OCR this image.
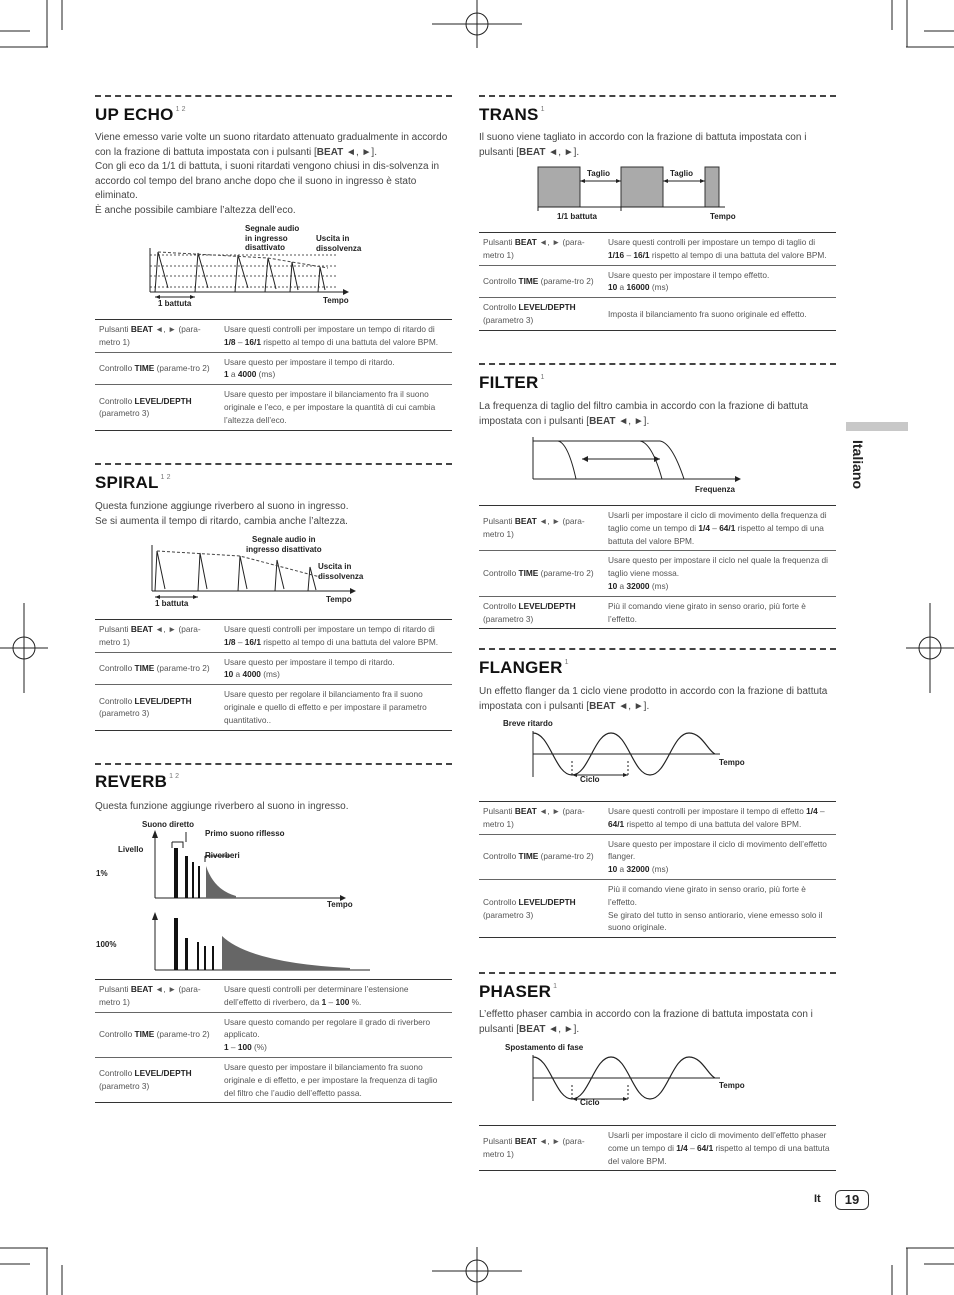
Italiano
UP ECHO $^1$ $^2$
Viene emesso varie volte un suono ritardato attenuato gradualmente in accordo con la frazione di battuta impostata con i pulsanti [BEAT ◄, ►].
Con gli eco da 1/1 di battuta, i suoni ritardati vengono chiusi in dis-solvenza in accordo col tempo del brano anche dopo che il suono in ingresso è stato eliminato.
È anche possibile cambiare l’altezza dell’eco.
Segnale audio
in ingresso
disattivato
Uscita in
dissolvenza
1 battuta	Tempo
Pulsanti BEAT ◄, ► (para-metro 1)	Usare questi controlli per impostare un tempo di ritardo di 1/8 – 16/1 rispetto al tempo di una battuta del valore BPM.
Controllo TIME (parame-tro 2)	Usare questo per impostare il tempo di ritardo.
1 a 4000 (ms)
Controllo LEVEL/DEPTH (parametro 3)	Usare questo per impostare il bilanciamento fra il suono originale e l’eco, e per impostare la quantità di cui cambia l’altezza dell’eco.
SPIRAL $^1$ $^2$
Questa funzione aggiunge riverbero al suono in ingresso.
Se si aumenta il tempo di ritardo, cambia anche l’altezza.
Segnale audio in
ingresso disattivato
Uscita in
dissolvenza
1 battuta	Tempo
Pulsanti BEAT ◄, ► (para-metro 1)	Usare questi controlli per impostare un tempo di ritardo di 1/8 – 16/1 rispetto al tempo di una battuta del valore BPM.
Controllo TIME (parame-tro 2)	Usare questo per impostare il tempo di ritardo.
10 a 4000 (ms)
Controllo LEVEL/DEPTH (parametro 3)	Usare questo per regolare il bilanciamento fra il suono originale e quello di effetto e per impostare il parametro quantitativo..
REVERB $^1$ $^2$
Questa funzione aggiunge riverbero al suono in ingresso.
Suono diretto
Primo suono riflesso
Livello
Riverberi
1%
Tempo
100%
Pulsanti BEAT ◄, ► (para-metro 1)	Usare questi controlli per determinare l’estensione dell’effetto di riverbero, da 1 – 100 %.
Controllo TIME (parame-tro 2)	Usare questo comando per regolare il grado di riverbero applicato.
1 – 100 (%)
Controllo LEVEL/DEPTH (parametro 3)	Usare questo per impostare il bilanciamento fra suono originale e di effetto, e per impostare la frequenza di taglio del filtro che l’audio dell’effetto passa.
TRANS $^1$
Il suono viene tagliato in accordo con la frazione di battuta impostata con i pulsanti [BEAT ◄, ►].
Taglio	Taglio
1/1 battuta	Tempo
Pulsanti BEAT ◄, ► (para-metro 1)	Usare questi controlli per impostare un tempo di taglio di 1/16 – 16/1 rispetto al tempo di una battuta del valore BPM.
Controllo TIME (parame-tro 2)	Usare questo per impostare il tempo effetto.
10 a 16000 (ms)
Controllo LEVEL/DEPTH (parametro 3)	Imposta il bilanciamento fra suono originale ed effetto.
FILTER $^1$
La frequenza di taglio del filtro cambia in accordo con la frazione di battuta impostata con i pulsanti [BEAT ◄, ►].
Frequenza
Pulsanti BEAT ◄, ► (para-metro 1)	Usarli per impostare il ciclo di movimento della frequenza di taglio come un tempo di 1/4 – 64/1 rispetto al tempo di una battuta del valore BPM.
Controllo TIME (parame-tro 2)	Usare questo per impostare il ciclo nel quale la frequenza di taglio viene mossa.
10 a 32000 (ms)
Controllo LEVEL/DEPTH (parametro 3)	Più il comando viene girato in senso orario, più forte è l’effetto.
FLANGER $^1$
Un effetto flanger da 1 ciclo viene prodotto in accordo con la frazione di battuta impostata con i pulsanti [BEAT ◄, ►].
Breve ritardo
Tempo
Ciclo
Pulsanti BEAT ◄, ► (para-metro 1)	Usare questi controlli per impostare il tempo di effetto 1/4 – 64/1 rispetto al tempo di una battuta del valore BPM.
Controllo TIME (parame-tro 2)	Usare questo per impostare il ciclo di movimento dell’effetto flanger.
10 a 32000 (ms)
Controllo LEVEL/DEPTH (parametro 3)	Più il comando viene girato in senso orario, più forte è l’effetto.
Se girato del tutto in senso antiorario, viene emesso solo il suono originale.
PHASER $^1$
L’effetto phaser cambia in accordo con la frazione di battuta impostata con i pulsanti [BEAT ◄, ►].
Spostamento di fase
Tempo
Ciclo
Pulsanti BEAT ◄, ► (para-metro 1)	Usarli per impostare il ciclo di movimento dell’effetto phaser come un tempo di 1/4 – 64/1 rispetto al tempo di una battuta del valore BPM.
It	19
